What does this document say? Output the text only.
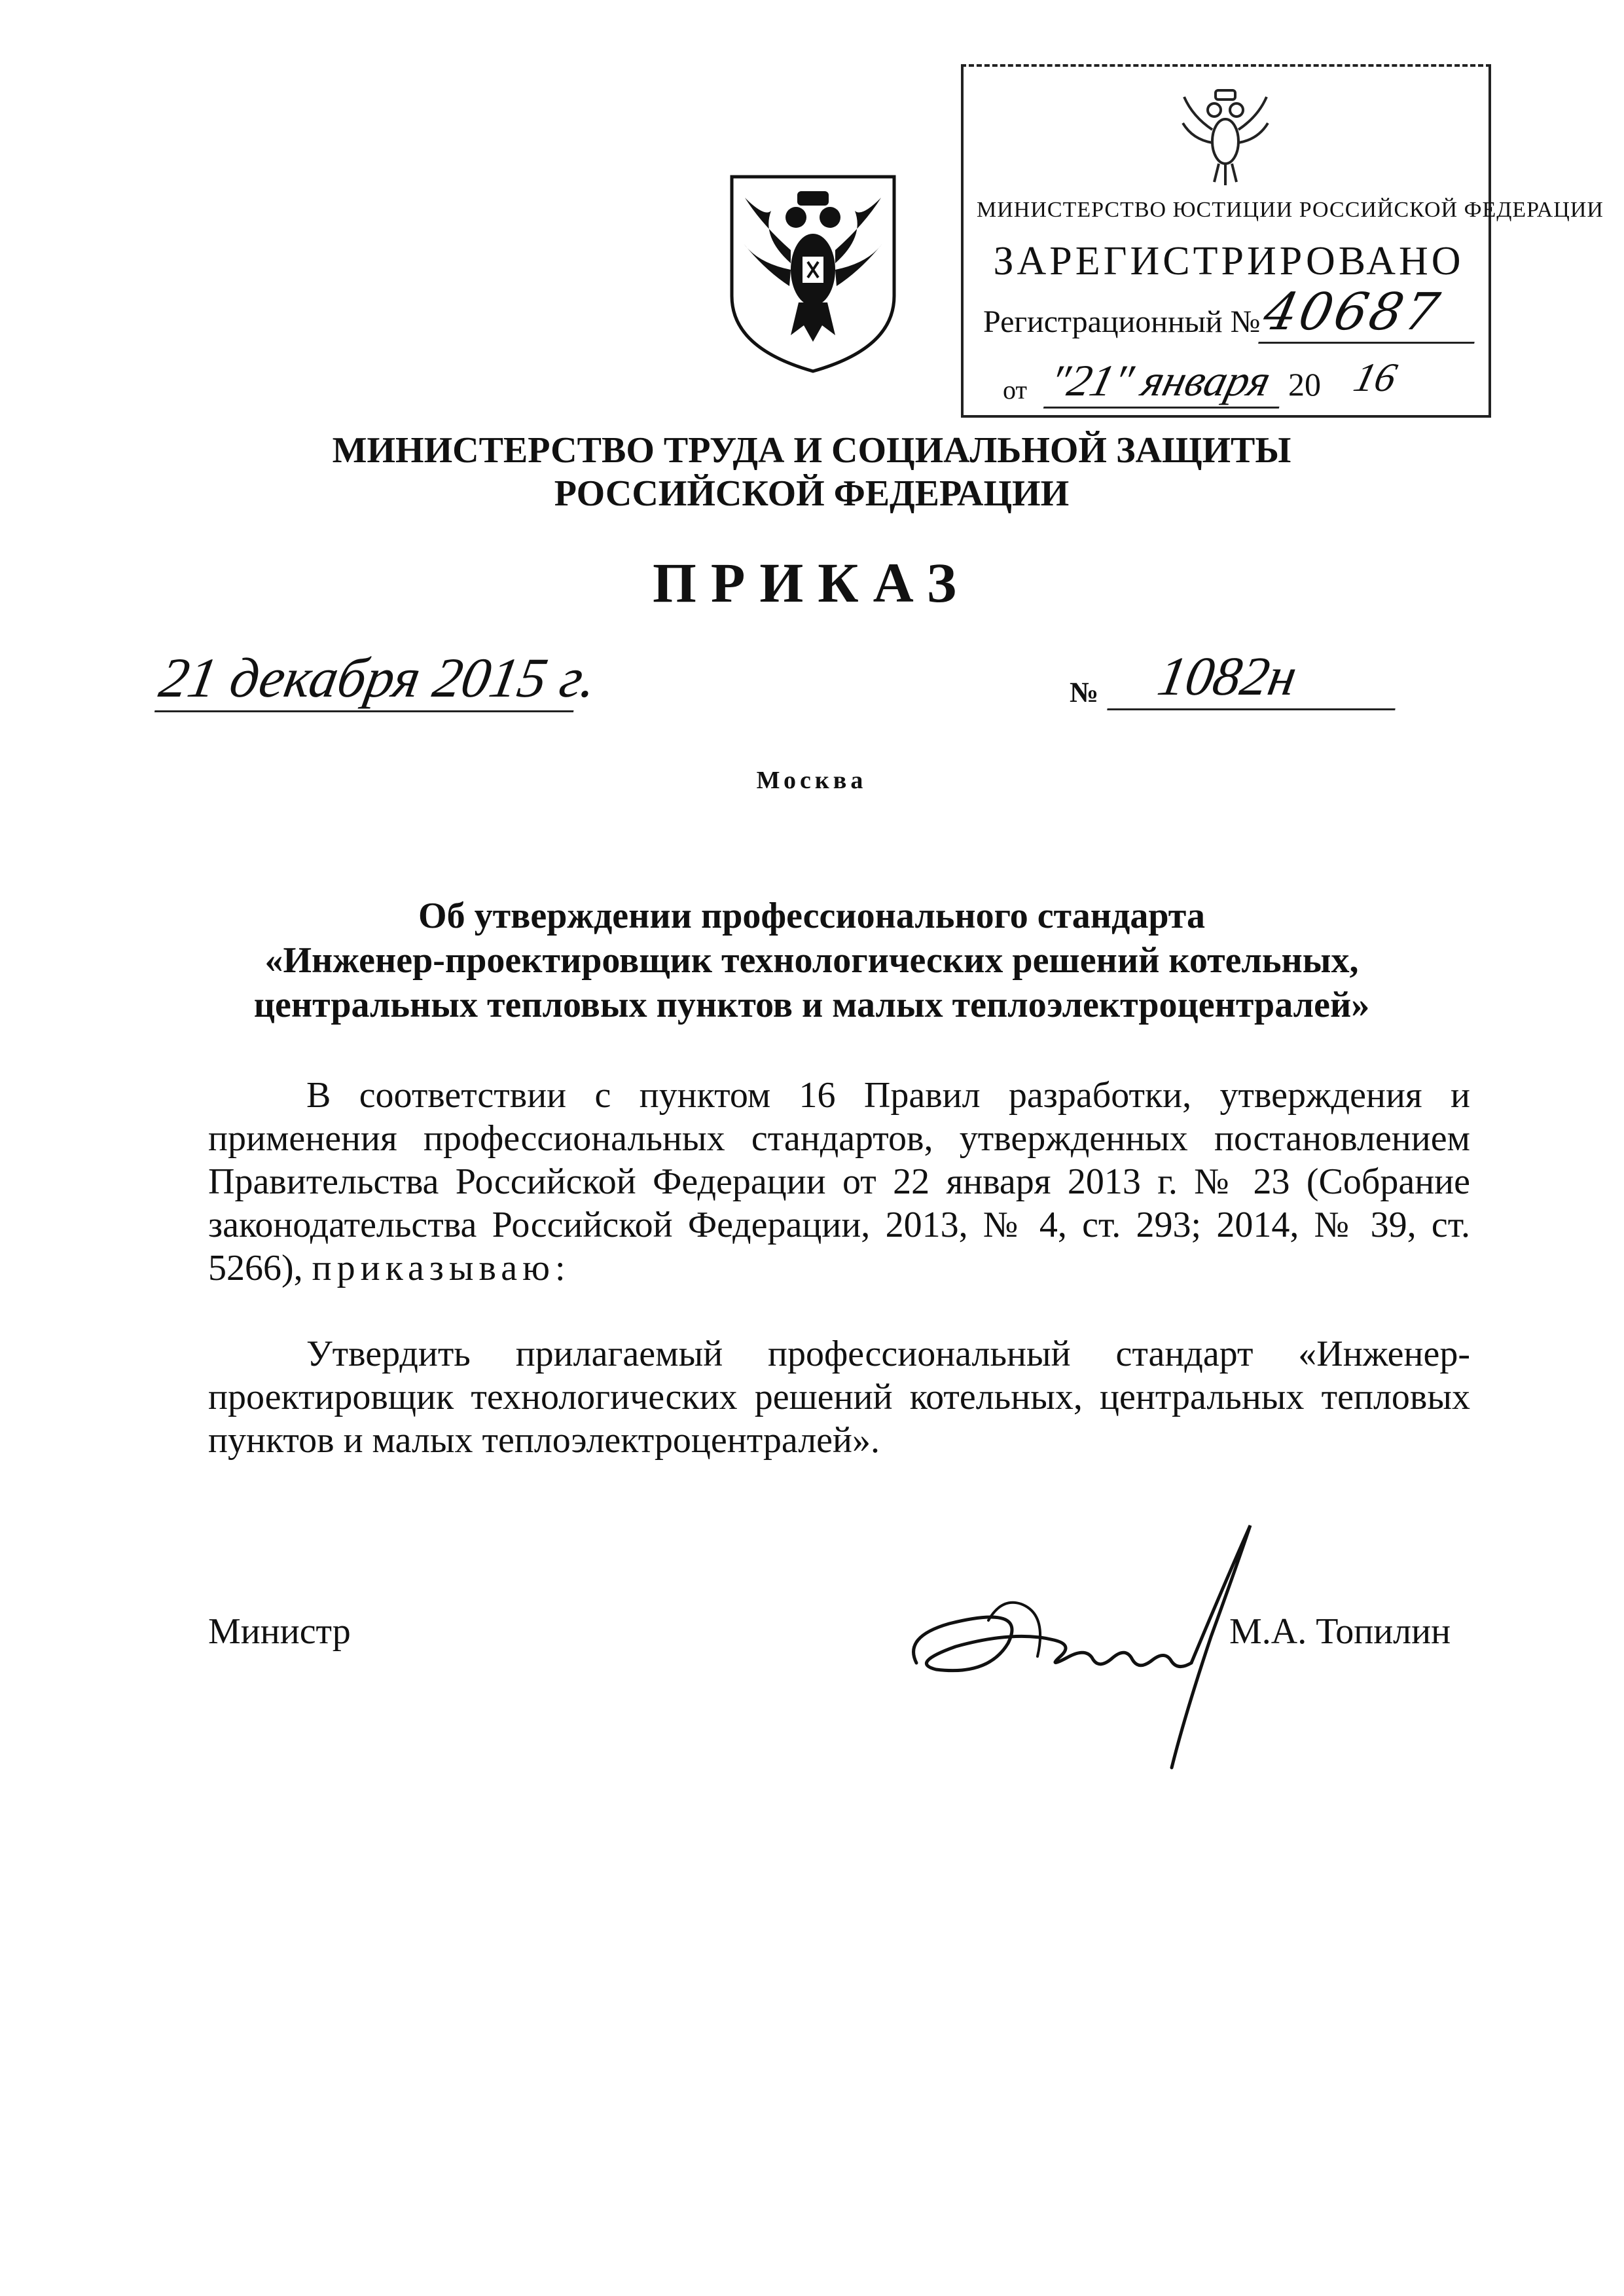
МИНИСТЕРСТВО ЮСТИЦИИ РОССИЙСКОЙ ФЕДЕРАЦИИ
ЗАРЕГИСТРИРОВАНО
Регистрационный №
40687
от "21" января 20 16
МИНИСТЕРСТВО ТРУДА И СОЦИАЛЬНОЙ ЗАЩИТЫ
РОССИЙСКОЙ ФЕДЕРАЦИИ
ПРИКАЗ
21 декабря 2015 г.	№ 1082н
Москва
Об утверждении профессионального стандарта
«Инженер-проектировщик технологических решений котельных,
центральных тепловых пунктов и малых теплоэлектроцентралей»
В соответствии с пунктом 16 Правил разработки, утверждения и применения профессиональных стандартов, утвержденных постановлением Правительства Российской Федерации от 22 января 2013 г. № 23 (Собрание законодательства Российской Федерации, 2013, № 4, ст. 293; 2014, № 39, ст. 5266), приказываю:
Утвердить прилагаемый профессиональный стандарт «Инженер-проектировщик технологических решений котельных, центральных тепловых пунктов и малых теплоэлектроцентралей».
Министр	М.А. Топилин
